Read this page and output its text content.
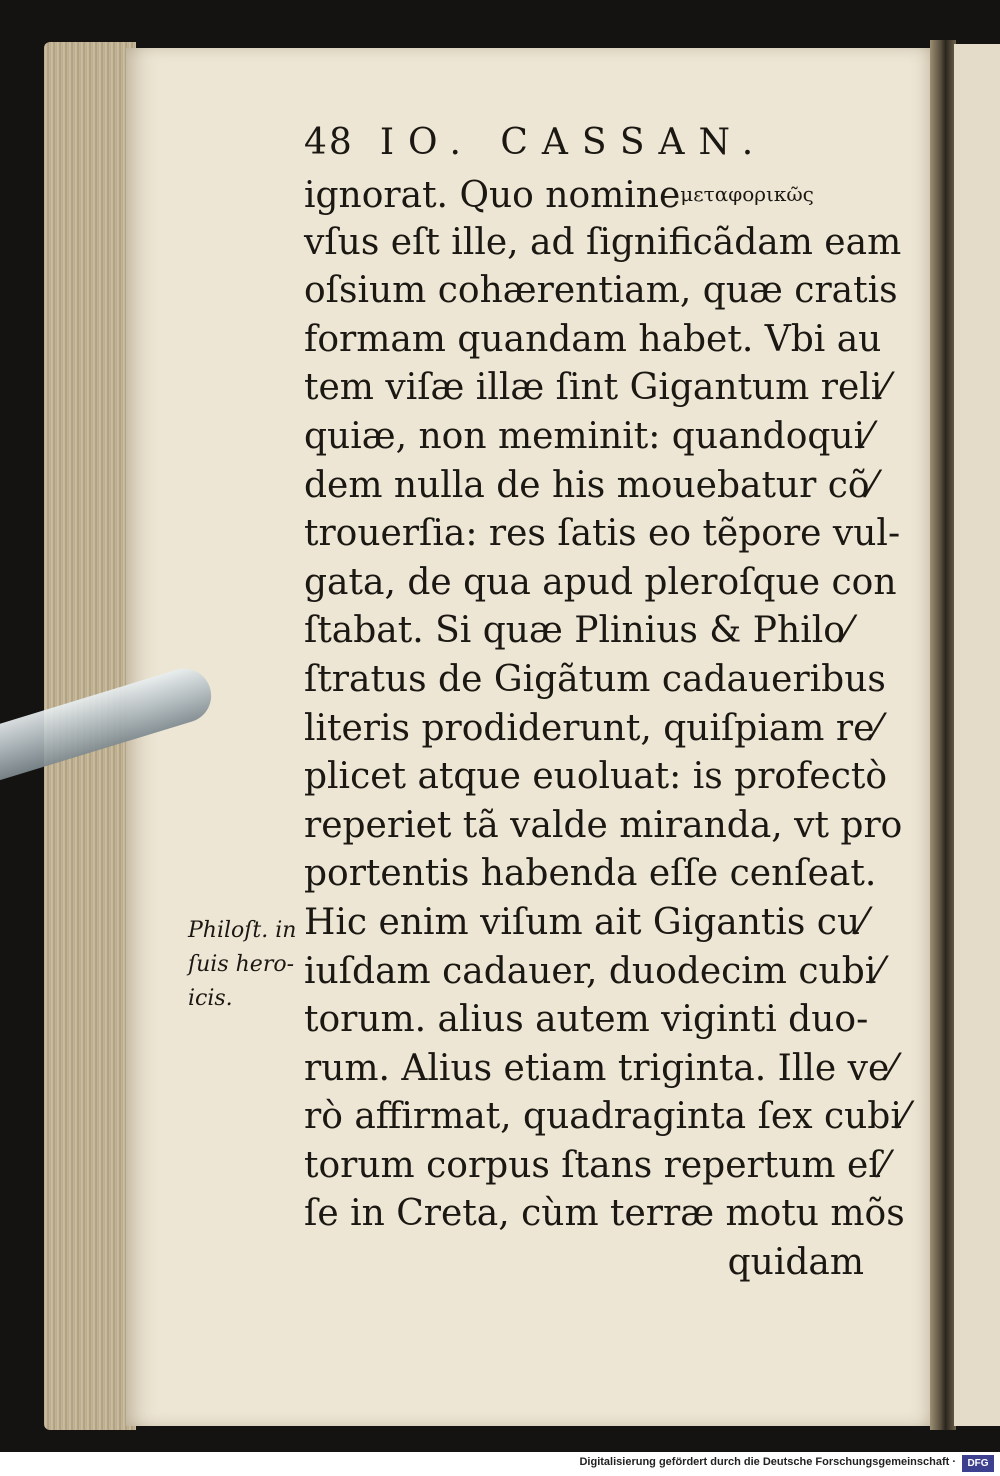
48 IO. CASSAN.
ignorat. Quo nomineμεταφορικῶς
vſus eſt ille, ad ſignificãdam eam
oſsium cohærentiam, quæ cratis
formam quandam habet. Vbi au
tem viſæ illæ ſint Gigantum reli⁄
quiæ, non meminit: quandoqui⁄
dem nulla de his mouebatur cõ⁄
trouerſia: res ſatis eo tẽpore vul-
gata, de qua apud pleroſque con
ſtabat. Si quæ Plinius & Philo⁄
ſtratus de Gigãtum cadaueribus
literis prodiderunt, quiſpiam re⁄
plicet atque euoluat: is profectò
reperiet tã valde miranda, vt pro
portentis habenda eſſe cenſeat.
Hic enim viſum ait Gigantis cu⁄
iuſdam cadauer, duodecim cubi⁄
torum. alius autem viginti duo-
rum. Alius etiam triginta. Ille ve⁄
rò affirmat, quadraginta ſex cubi⁄
torum corpus ſtans repertum eſ⁄
ſe in Creta, cùm terræ motu mõs
quidam
Philoſt. in
ſuis hero-
icis.
Digitalisierung gefördert durch die Deutsche Forschungsgemeinschaft ·	DFG
